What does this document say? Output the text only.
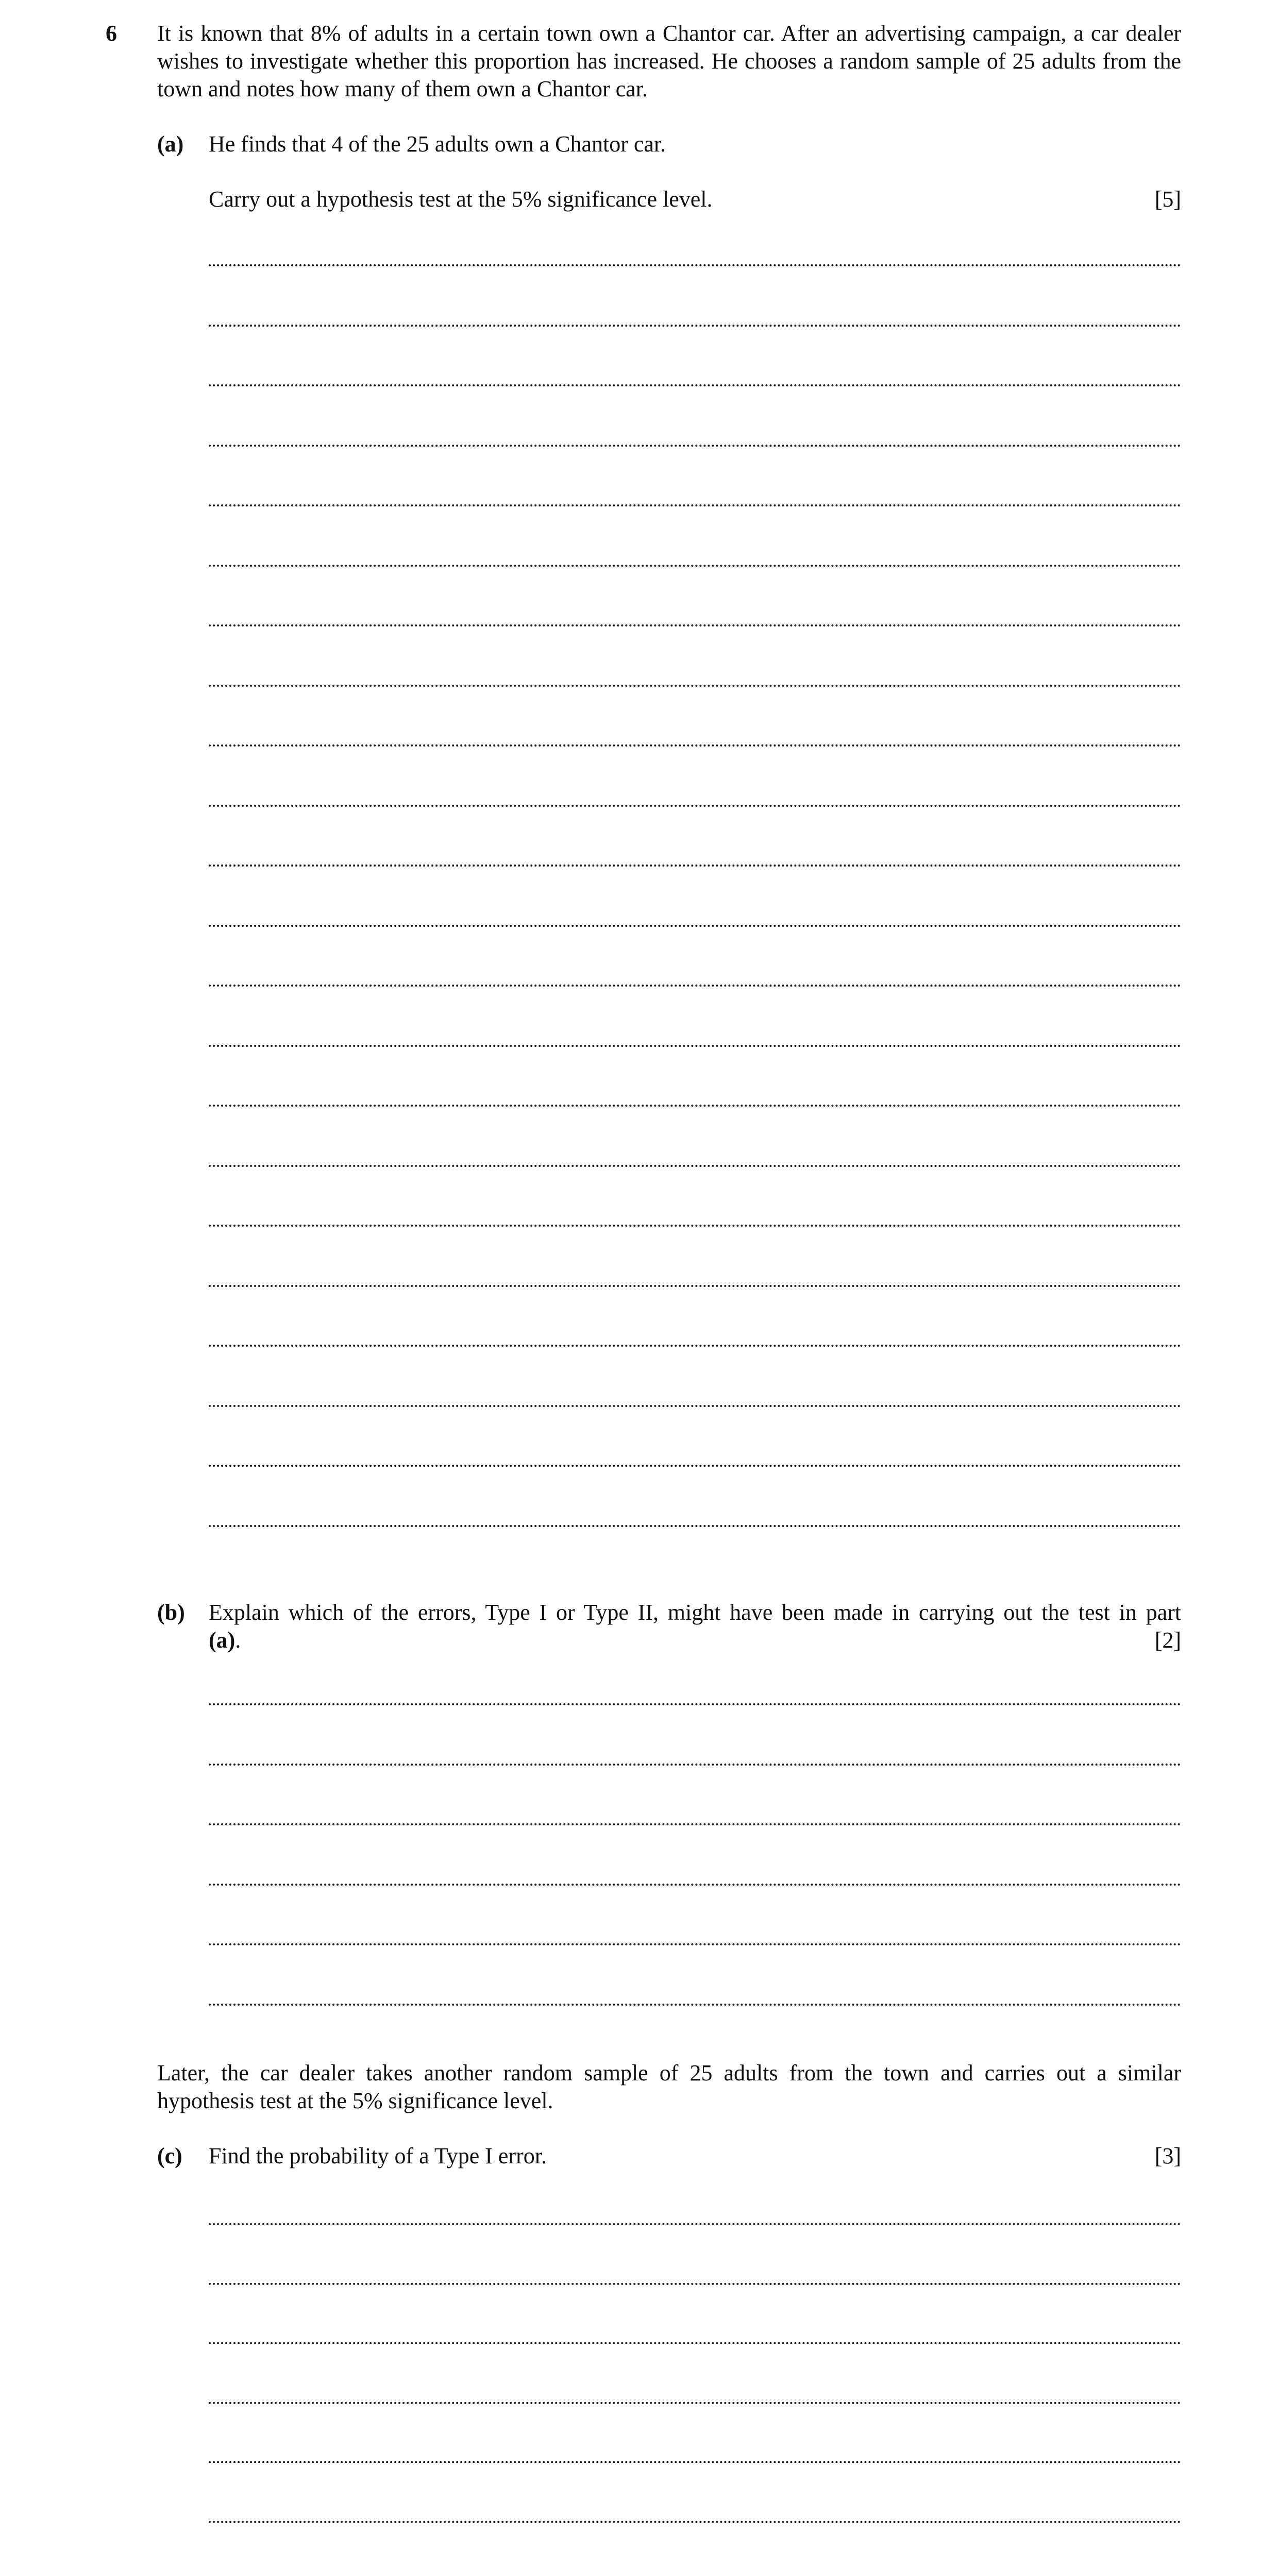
6 It is known that 8% of adults in a certain town own a Chantor car. After an advertising campaign, a car dealer wishes to investigate whether this proportion has increased. He chooses a random sample of 25 adults from the town and notes how many of them own a Chantor car.
(a) He finds that 4 of the 25 adults own a Chantor car.
Carry out a hypothesis test at the 5% significance level.	[5]
(b) Explain which of the errors, Type I or Type II, might have been made in carrying out the test in part
(a).	[2]
Later, the car dealer takes another random sample of 25 adults from the town and carries out a similar hypothesis test at the 5% significance level.
(c) Find the probability of a Type I error.	[3]
